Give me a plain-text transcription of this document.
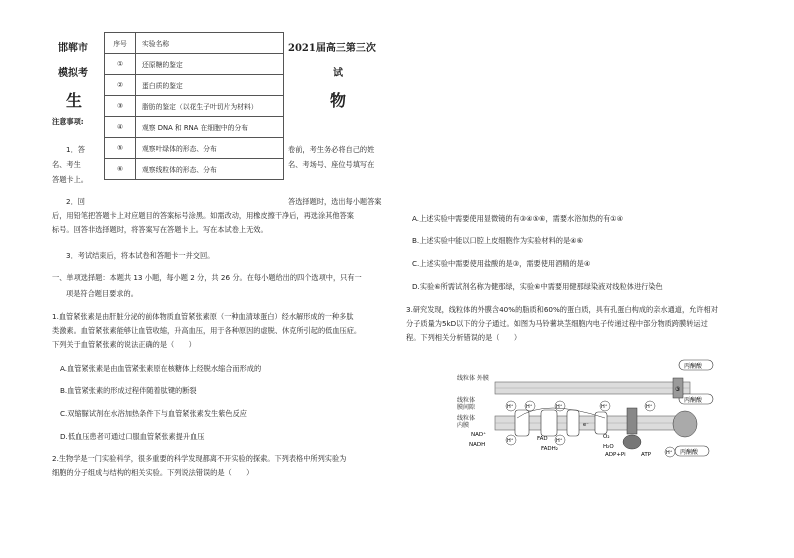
邯郸市
模拟考
2021届高三第三次
试
生	物
序号	实验名称
①	还原糖的鉴定
②	蛋白质的鉴定
③	脂肪的鉴定（以花生子叶切片为材料）
④	观察 DNA 和 RNA 在细胞中的分布
⑤	观察叶绿体的形态、分布
⑥	观察线粒体的形态、分布
注意事项:
1．答
名、考生
答题卡上。
卷前，考生务必将自己的姓
名、考场号、座位号填写在
2．回	答选择题时，选出每小题答案
后，用铅笔把答题卡上对应题目的答案标号涂黑。如需改动，用橡皮擦干净后，再选涂其他答案
标号。回答非选择题时，将答案写在答题卡上。写在本试卷上无效。
3．考试结束后，将本试卷和答题卡一并交回。
一、单项选择题：本题共 13 小题，每小题 2 分，共 26 分。在每小题给出的四个选项中，只有一
项是符合题目要求的。
1.血管紧张素是由肝脏分泌的前体物质血管紧张素原（一种血清球蛋白）经水解形成的一种多肽
类激素。血管紧张素能够让血管收缩，升高血压，用于各种原因的虚脱、休克所引起的低血压症。
下列关于血管紧张素的说法正确的是（　　）
A.血管紧张素是由血管紧张素原在核糖体上经脱水缩合而形成的
B.血管紧张素的形成过程伴随着肽键的断裂
C.双缩脲试剂在水浴加热条件下与血管紧张素发生紫色反应
D.低血压患者可通过口服血管紧张素提升血压
2.生物学是一门实验科学，很多重要的科学发现都离不开实验的探索。下列表格中所列实验为
细胞的分子组成与结构的相关实验。下列说法错误的是（　　）
A.上述实验中需要使用显微镜的有③④⑤⑥，需要水浴加热的有①④
B.上述实验中能以口腔上皮细胞作为实验材料的是④⑥
C.上述实验中需要使用盐酸的是③，需要使用酒精的是④
D.实验⑥所需试剂名称为健那绿，实验⑥中需要用健那绿染液对线粒体进行染色
3.研究发现，线粒体的外膜含40%的脂质和60%的蛋白质，具有孔蛋白构成的亲水通道，允许相对
分子质量为5kD以下的分子通过。如图为马铃薯块茎细胞内电子传递过程中部分物质跨膜转运过
程。下列相关分析错误的是（　　）
线粒体 外膜
线粒体膜间隙
线粒体内膜
丙酮酸
丙酮酸
丙酮酸
③
H⁺	H⁺	H⁺	H⁺	H⁺
H⁺	H⁺
H⁺
NAD⁺
NADH
FAD
FADH₂
O₂
H₂O
ADP+Pi	ATP
e⁻
